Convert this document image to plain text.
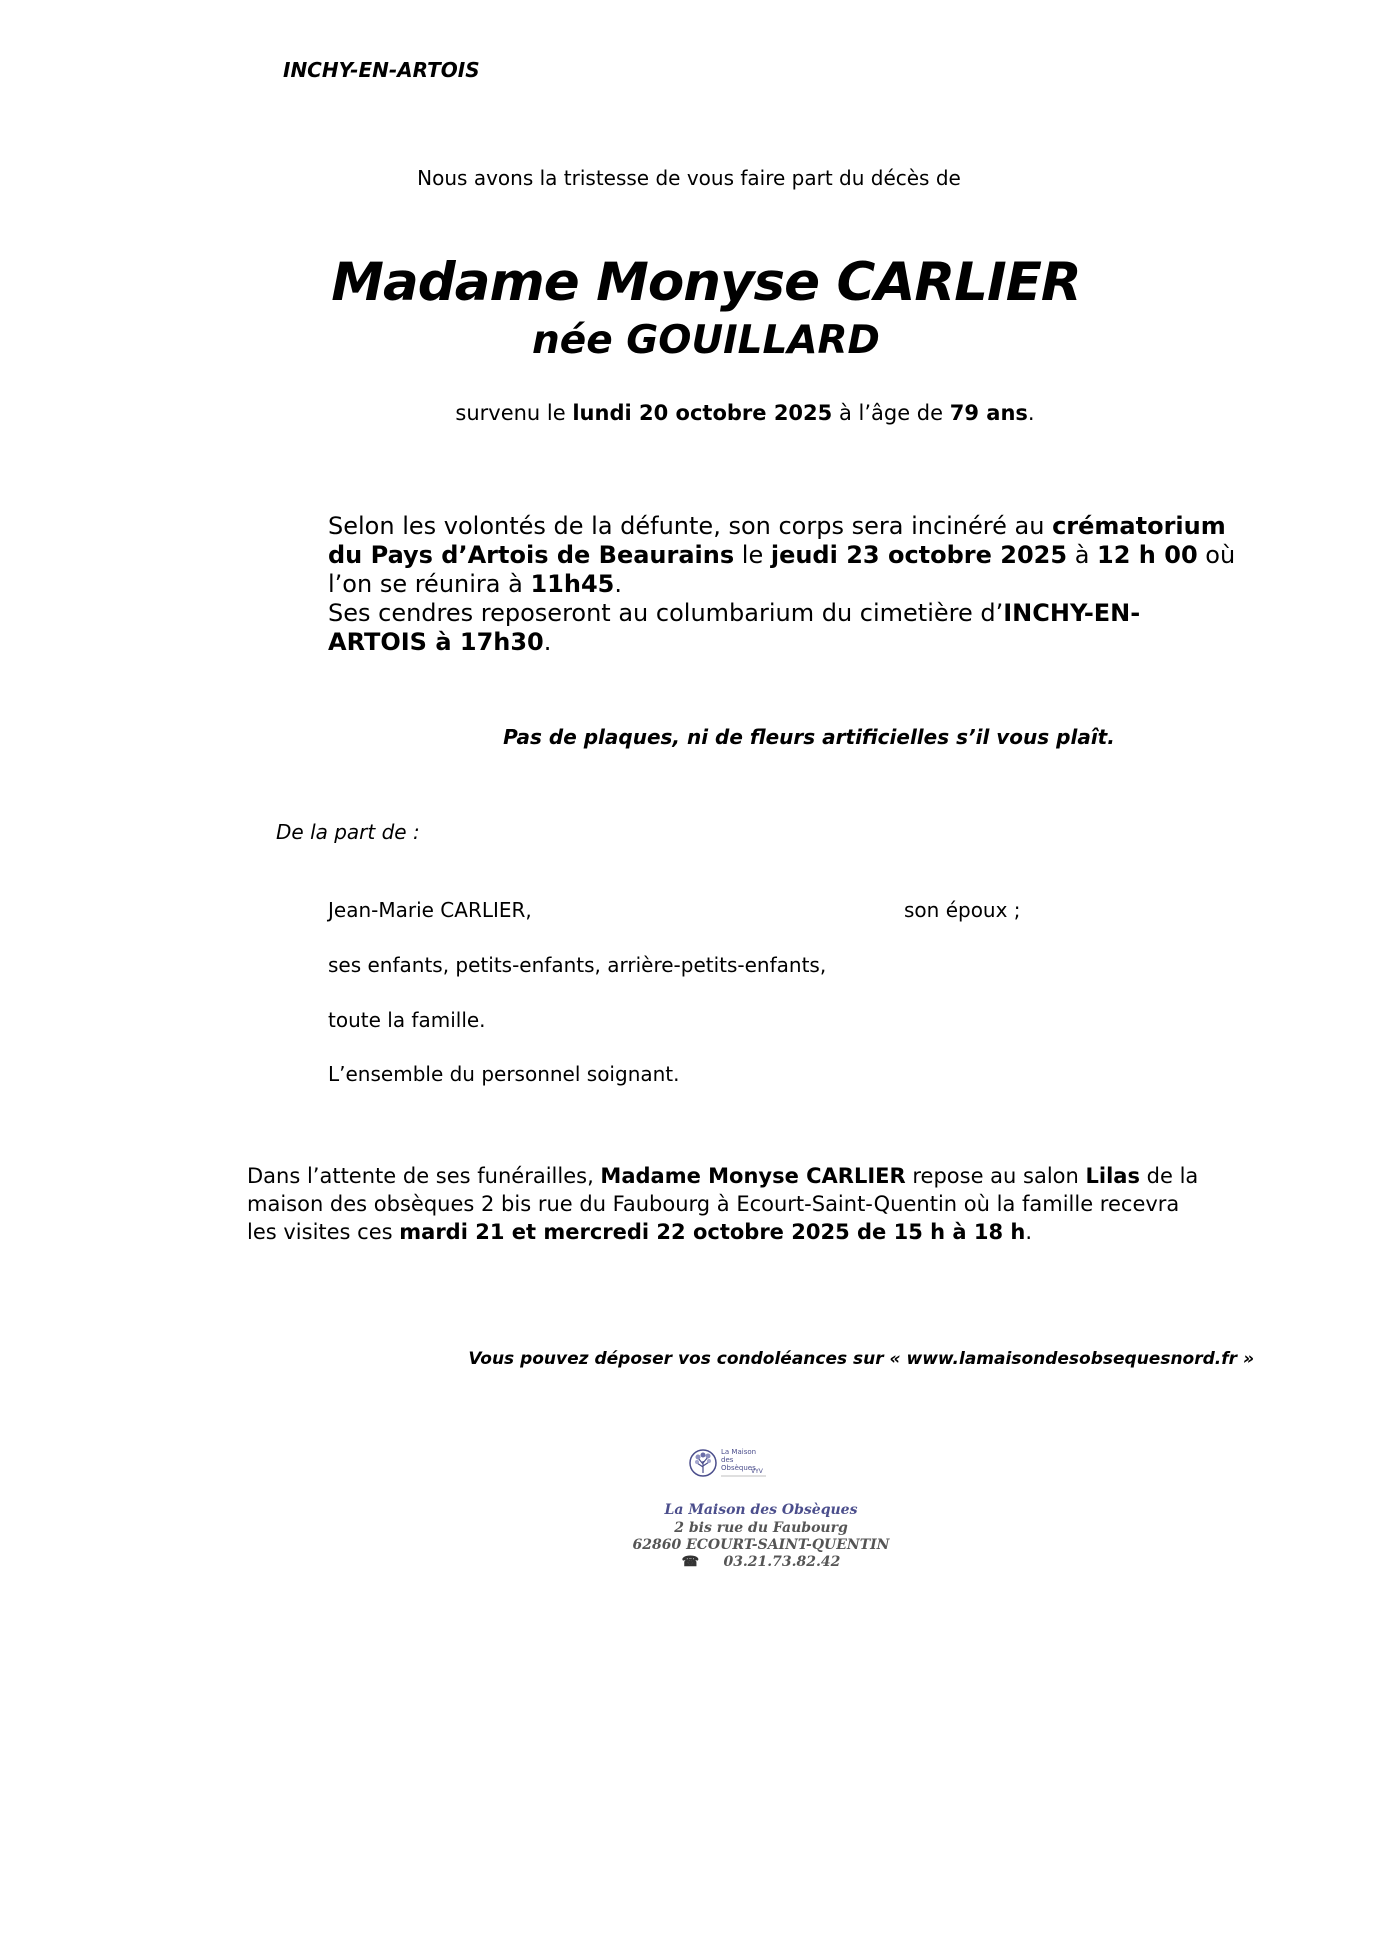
INCHY-EN-ARTOIS
Nous avons la tristesse de vous faire part du décès de
Madame Monyse CARLIER
née GOUILLARD
survenu le lundi 20 octobre 2025 à l’âge de 79 ans.

Selon les volontés de la défunte, son corps sera incinéré au crématorium du Pays d’Artois de Beaurains le jeudi 23 octobre 2025 à 12 h 00 où l’on se réunira à 11h45.

Ses cendres reposeront au columbarium du cimetière d’INCHY-EN-ARTOIS à 17h30.

Pas de plaques, ni de fleurs artificielles s’il vous plaît.
De la part de :
Jean-Marie CARLIER,	son époux ;
ses enfants, petits-enfants, arrière-petits-enfants,
toute la famille.
L’ensemble du personnel soignant.
Dans l’attente de ses funérailles, Madame Monyse CARLIER repose au salon Lilas de la maison des obsèques 2 bis rue du Faubourg à Ecourt-Saint-Quentin où la famille recevra les visites ces mardi 21 et mercredi 22 octobre 2025 de 15 h à 18 h.
Vous pouvez déposer vos condoléances sur « www.lamaisondesobsequesnord.fr »
La Maison
des Obsèques
VYV
La Maison des Obsèques
2 bis rue du Faubourg
62860 ECOURT-SAINT-QUENTIN
☎ 03.21.73.82.42
